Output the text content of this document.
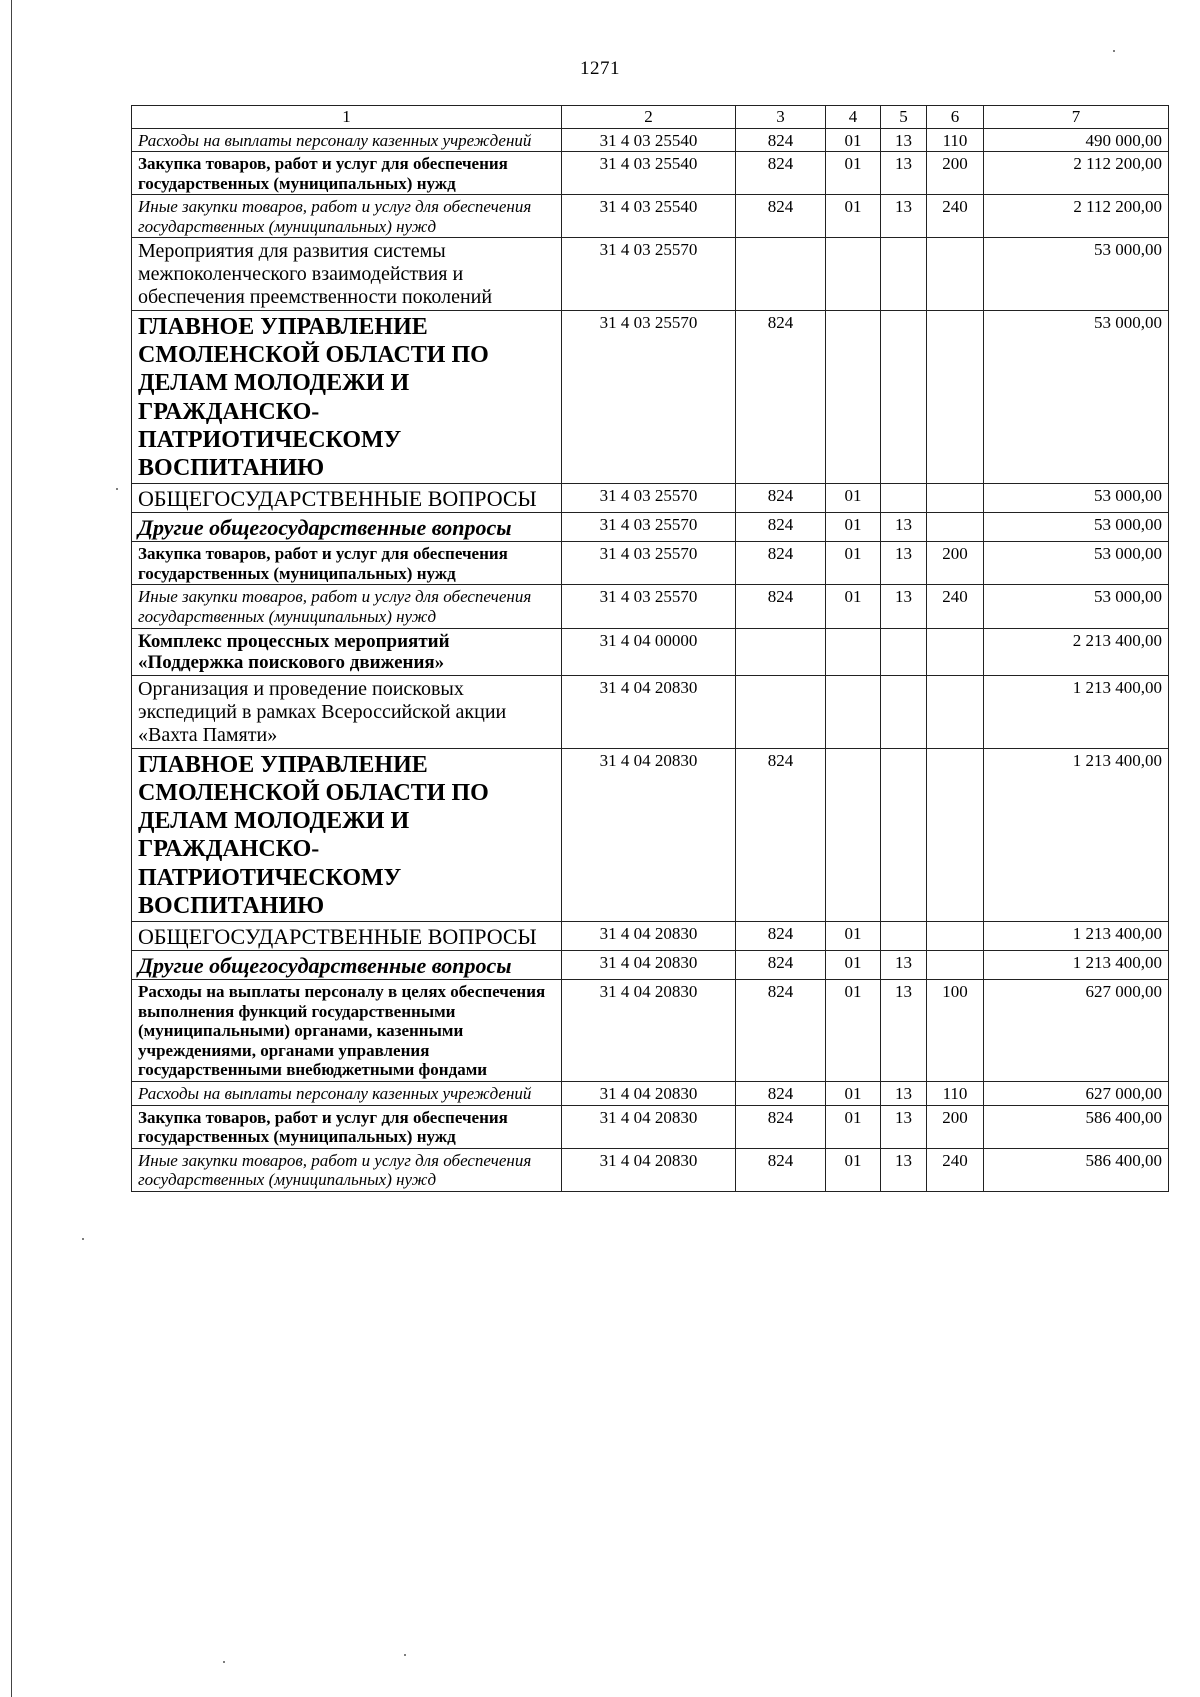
1271
1	2	3	4	5	6	7
Расходы на выплаты персоналу казенных учреждений	31 4 03 25540	824	01	13	110	490 000,00
Закупка товаров, работ и услуг для обеспечения государственных (муниципальных) нужд	31 4 03 25540	824	01	13	200	2 112 200,00
Иные закупки товаров, работ и услуг для обеспечения государственных (муниципальных) нужд	31 4 03 25540	824	01	13	240	2 112 200,00
Мероприятия для развития системы межпоколенческого взаимодействия и обеспечения преемственности поколений	31 4 03 25570					53 000,00
ГЛАВНОЕ УПРАВЛЕНИЕ СМОЛЕНСКОЙ ОБЛАСТИ ПО ДЕЛАМ МОЛОДЕЖИ И ГРАЖДАНСКО-ПАТРИОТИЧЕСКОМУ ВОСПИТАНИЮ	31 4 03 25570	824				53 000,00
ОБЩЕГОСУДАРСТВЕННЫЕ ВОПРОСЫ	31 4 03 25570	824	01			53 000,00
Другие общегосударственные вопросы	31 4 03 25570	824	01	13		53 000,00
Закупка товаров, работ и услуг для обеспечения государственных (муниципальных) нужд	31 4 03 25570	824	01	13	200	53 000,00
Иные закупки товаров, работ и услуг для обеспечения государственных (муниципальных) нужд	31 4 03 25570	824	01	13	240	53 000,00
Комплекс процессных мероприятий «Поддержка поискового движения»	31 4 04 00000					2 213 400,00
Организация и проведение поисковых экспедиций в рамках Всероссийской акции «Вахта Памяти»	31 4 04 20830					1 213 400,00
ГЛАВНОЕ УПРАВЛЕНИЕ СМОЛЕНСКОЙ ОБЛАСТИ ПО ДЕЛАМ МОЛОДЕЖИ И ГРАЖДАНСКО-ПАТРИОТИЧЕСКОМУ ВОСПИТАНИЮ	31 4 04 20830	824				1 213 400,00
ОБЩЕГОСУДАРСТВЕННЫЕ ВОПРОСЫ	31 4 04 20830	824	01			1 213 400,00
Другие общегосударственные вопросы	31 4 04 20830	824	01	13		1 213 400,00
Расходы на выплаты персоналу в целях обеспечения выполнения функций государственными (муниципальными) органами, казенными учреждениями, органами управления государственными внебюджетными фондами	31 4 04 20830	824	01	13	100	627 000,00
Расходы на выплаты персоналу казенных учреждений	31 4 04 20830	824	01	13	110	627 000,00
Закупка товаров, работ и услуг для обеспечения государственных (муниципальных) нужд	31 4 04 20830	824	01	13	200	586 400,00
Иные закупки товаров, работ и услуг для обеспечения государственных (муниципальных) нужд	31 4 04 20830	824	01	13	240	586 400,00
